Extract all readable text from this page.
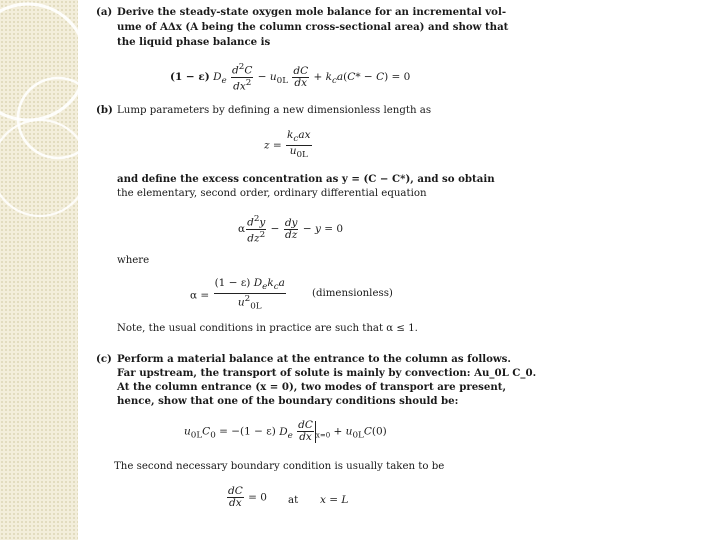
(a) Derive the steady-state oxygen mole balance for an incremental vol-
ume of AΔx (A being the column cross-sectional area) and show that
the liquid phase balance is
(1 − ε) $D_e \frac{d^2C}{dx^2} - u_{0L} \frac{dC}{dx} + k_ca(C* - C) = 0$
(b) Lump parameters by defining a new dimensionless length as
$z = \frac{k_cax}{u_{0L}}$
and define the excess concentration as y = (C − C*), and so obtain
the elementary, second order, ordinary differential equation
α $\frac{d^2y}{dz^2} - \frac{dy}{dz} - y = 0$
where
$\alpha = \frac{(1 - \varepsilon) D_ek_ca}{u^2_{0L}}$	(dimensionless)
Note, the usual conditions in practice are such that α ≤ 1.
(c) Perform a material balance at the entrance to the column as follows.
Far upstream, the transport of solute is mainly by convection: Au_0L C_0.
At the column entrance (x = 0), two modes of transport are present,
hence, show that one of the boundary conditions should be:
$u_{0L}C_0 = -(1 - \varepsilon)$ $D_e \frac{dC}{dx} _{x=0} + u_{0L}C(0)$
The second necessary boundary condition is usually taken to be
$\frac{dC}{dx} = 0$ at x = L
